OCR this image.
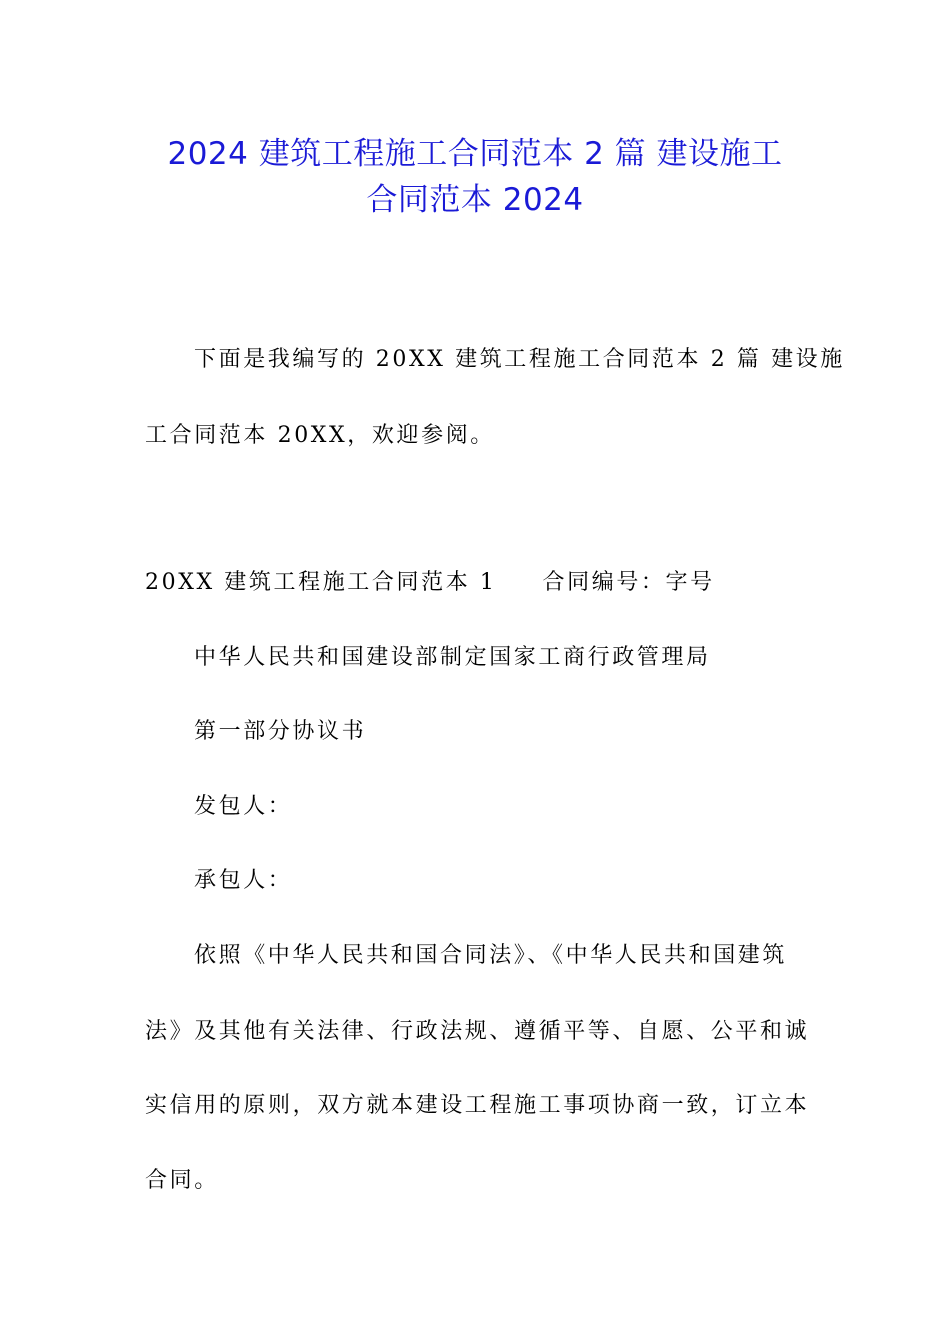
2024 建筑工程施工合同范本 2 篇 建设施工
合同范本 2024
下面是我编写的 20XX 建筑工程施工合同范本 2 篇 建设施
工合同范本 20XX，欢迎参阅。
20XX 建筑工程施工合同范本 1 合同编号：字号
中华人民共和国建设部制定国家工商行政管理局
第一部分协议书
发包人：
承包人：
依照《中华人民共和国合同法》、《中华人民共和国建筑
法》及其他有关法律、行政法规、遵循平等、自愿、公平和诚
实信用的原则，双方就本建设工程施工事项协商一致，订立本
合同。
